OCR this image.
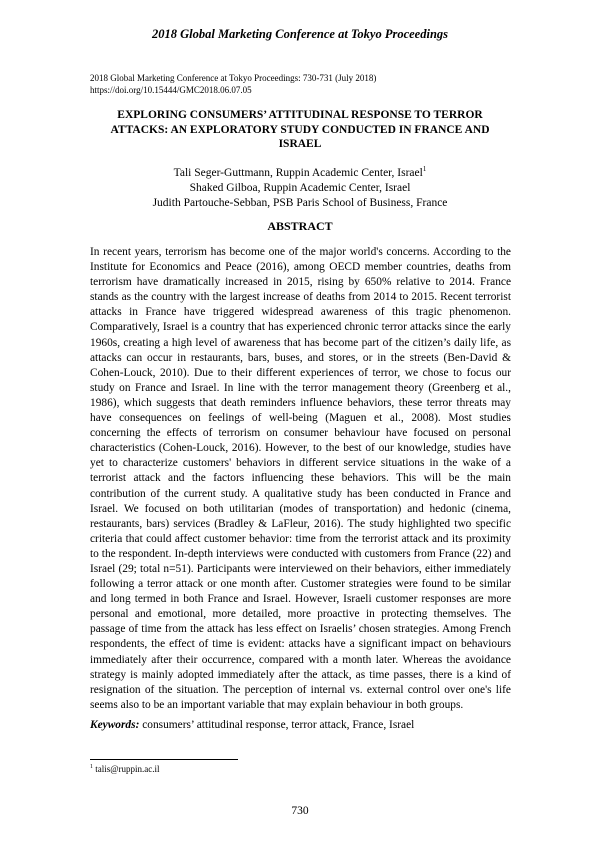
2018 Global Marketing Conference at Tokyo Proceedings
2018 Global Marketing Conference at Tokyo Proceedings: 730-731 (July 2018)
https://doi.org/10.15444/GMC2018.06.07.05
EXPLORING CONSUMERS’ ATTITUDINAL RESPONSE TO TERROR ATTACKS: AN EXPLORATORY STUDY CONDUCTED IN FRANCE AND ISRAEL
Tali Seger-Guttmann, Ruppin Academic Center, Israel$^1$
Shaked Gilboa, Ruppin Academic Center, Israel
Judith Partouche-Sebban, PSB Paris School of Business, France
ABSTRACT
In recent years, terrorism has become one of the major world's concerns. According to the Institute for Economics and Peace (2016), among OECD member countries, deaths from terrorism have dramatically increased in 2015, rising by 650% relative to 2014. France stands as the country with the largest increase of deaths from 2014 to 2015. Recent terrorist attacks in France have triggered widespread awareness of this tragic phenomenon. Comparatively, Israel is a country that has experienced chronic terror attacks since the early 1960s, creating a high level of awareness that has become part of the citizen’s daily life, as attacks can occur in restaurants, bars, buses, and stores, or in the streets (Ben-David & Cohen-Louck, 2010). Due to their different experiences of terror, we chose to focus our study on France and Israel. In line with the terror management theory (Greenberg et al., 1986), which suggests that death reminders influence behaviors, these terror threats may have consequences on feelings of well-being (Maguen et al., 2008). Most studies concerning the effects of terrorism on consumer behaviour have focused on personal characteristics (Cohen-Louck, 2016). However, to the best of our knowledge, studies have yet to characterize customers' behaviors in different service situations in the wake of a terrorist attack and the factors influencing these behaviors. This will be the main contribution of the current study. A qualitative study has been conducted in France and Israel. We focused on both utilitarian (modes of transportation) and hedonic (cinema, restaurants, bars) services (Bradley & LaFleur, 2016). The study highlighted two specific criteria that could affect customer behavior: time from the terrorist attack and its proximity to the respondent. In-depth interviews were conducted with customers from France (22) and Israel (29; total n=51). Participants were interviewed on their behaviors, either immediately following a terror attack or one month after. Customer strategies were found to be similar and long termed in both France and Israel. However, Israeli customer responses are more personal and emotional, more detailed, more proactive in protecting themselves. The passage of time from the attack has less effect on Israelis’ chosen strategies. Among French respondents, the effect of time is evident: attacks have a significant impact on behaviours immediately after their occurrence, compared with a month later. Whereas the avoidance strategy is mainly adopted immediately after the attack, as time passes, there is a kind of resignation of the situation. The perception of internal vs. external control over one's life seems also to be an important variable that may explain behaviour in both groups.
Keywords: consumers’ attitudinal response, terror attack, France, Israel
$^1$ talis@ruppin.ac.il
730
